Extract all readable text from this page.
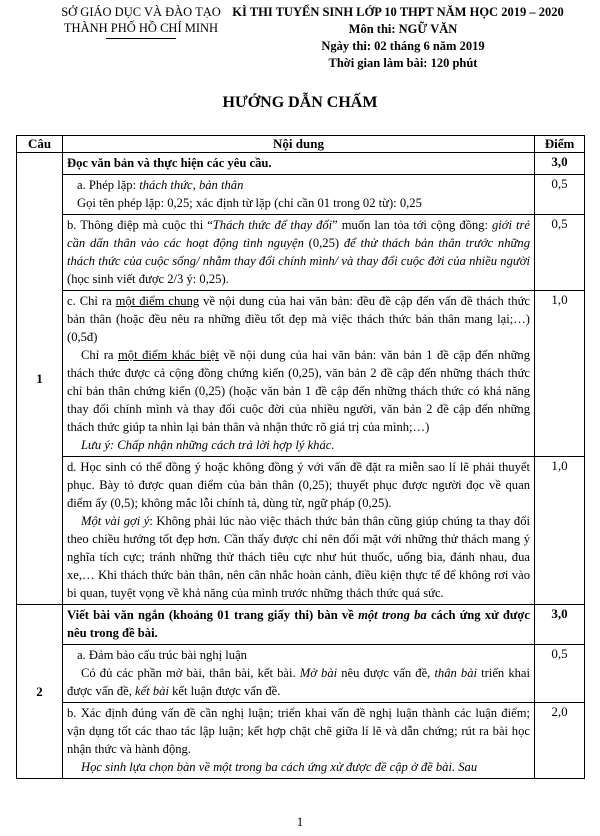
SỞ GIÁO DỤC VÀ ĐÀO TẠO
THÀNH PHỐ HỒ CHÍ MINH
KÌ THI TUYỂN SINH LỚP 10 THPT NĂM HỌC 2019 – 2020
Môn thi: NGỮ VĂN
Ngày thi: 02 tháng 6 năm 2019
Thời gian làm bài: 120 phút
HƯỚNG DẪN CHẤM
Câu	Nội dung	Điểm
1	Đọc văn bản và thực hiện các yêu cầu.	3,0

	a. Phép lặp: thách thức, bản thân
Gọi tên phép lặp: 0,25; xác định từ lặp (chỉ cần 01 trong 02 từ): 0,25	0,5
	b. Thông điệp mà cuộc thi “Thách thức để thay đổi” muốn lan tỏa tới cộng đồng: giới trẻ cần dấn thân vào các hoạt động tình nguyện (0,25) để thử thách bản thân trước những thách thức của cuộc sống/ nhằm thay đổi chính mình/ và thay đổi cuộc đời của nhiều người (học sinh viết được 2/3 ý: 0,25).	0,5
	c. Chỉ ra một điểm chung về nội dung của hai văn bản: đều đề cập đến vấn đề thách thức bản thân (hoặc đều nêu ra những điều tốt đẹp mà việc thách thức bản thân mang lại;…) (0,5đ)
Chỉ ra một điểm khác biệt về nội dung của hai văn bản: văn bản 1 đề cập đến những thách thức được cả cộng đồng chứng kiến (0,25), văn bản 2 đề cập đến những thách thức chỉ bản thân chứng kiến (0,25) (hoặc văn bản 1 đề cập đến những thách thức có khả năng thay đổi chính mình và thay đổi cuộc đời của nhiều người, văn bản 2 đề cập đến những thách thức giúp ta nhìn lại bản thân và nhận thức rõ giá trị của mình;…)
Lưu ý: Chấp nhận những cách trả lời hợp lý khác.	1,0
	d. Học sinh có thể đồng ý hoặc không đồng ý với vấn đề đặt ra miễn sao lí lẽ phải thuyết phục. Bày tỏ được quan điểm của bản thân (0,25); thuyết phục được người đọc về quan điểm ấy (0,5); không mắc lỗi chính tả, dùng từ, ngữ pháp (0,25).
Một vài gợi ý: Không phải lúc nào việc thách thức bản thân cũng giúp chúng ta thay đổi theo chiều hướng tốt đẹp hơn. Cần thấy được chỉ nên đối mặt với những thử thách mang ý nghĩa tích cực; tránh những thử thách tiêu cực như hút thuốc, uống bia, đánh nhau, đua xe,… Khi thách thức bản thân, nên cân nhắc hoàn cảnh, điều kiện thực tế để không rơi vào bi quan, tuyệt vọng về khả năng của mình trước những thách thức quá sức.	1,0
2	Viết bài văn ngắn (khoảng 01 trang giấy thi) bàn về một trong ba cách ứng xử được nêu trong đề bài.	3,0

	a. Đảm bảo cấu trúc bài nghị luận
Có đủ các phần mở bài, thân bài, kết bài. Mở bài nêu được vấn đề, thân bài triển khai được vấn đề, kết bài kết luận được vấn đề.	0,5
	b. Xác định đúng vấn đề cần nghị luận; triển khai vấn đề nghị luận thành các luận điểm; vận dụng tốt các thao tác lập luận; kết hợp chặt chẽ giữa lí lẽ và dẫn chứng; rút ra bài học nhận thức và hành động.
Học sinh lựa chọn bàn về một trong ba cách ứng xử được đề cập ở đề bài. Sau	2,0
1
